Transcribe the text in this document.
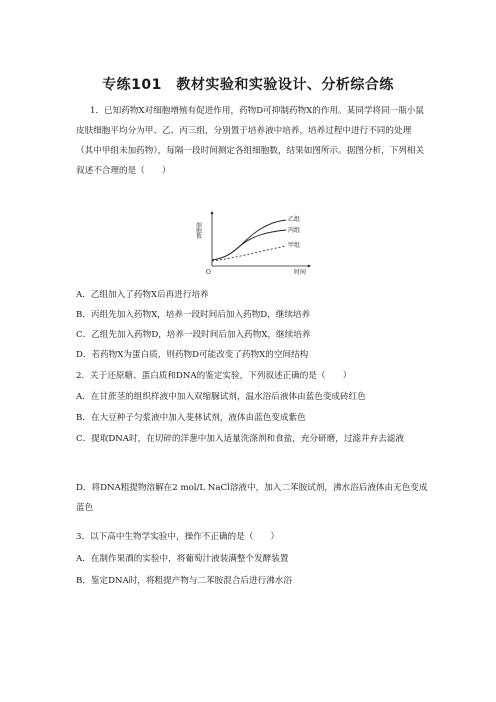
专练101　教材实验和实验设计、分析综合练
1．已知药物X对细胞增殖有促进作用，药物D可抑制药物X的作用。某同学将同一瓶小鼠皮肤细胞平均分为甲、乙、丙三组，分别置于培养液中培养，培养过程中进行不同的处理（其中甲组未加药物），每隔一段时间测定各组细胞数，结果如图所示。据图分析，下列相关叙述不合理的是（　　）
乙组
丙组
甲组
细胞数
O	时间
A．乙组加入了药物X后再进行培养
B．丙组先加入药物X，培养一段时间后加入药物D，继续培养
C．乙组先加入药物D，培养一段时间后加入药物X，继续培养
D．若药物X为蛋白质，则药物D可能改变了药物X的空间结构
2．关于还原糖、蛋白质和DNA的鉴定实验，下列叙述正确的是（　　）
A．在甘蔗茎的组织样液中加入双缩脲试剂，温水浴后液体由蓝色变成砖红色
B．在大豆种子匀浆液中加入斐林试剂，液体由蓝色变成紫色
C．提取DNA时，在切碎的洋葱中加入适量洗涤剂和食盐，充分研磨，过滤并弃去滤液
D．将DNA粗提物溶解在2 mol/L NaCl溶液中，加入二苯胺试剂，沸水浴后液体由无色变成蓝色
3．以下高中生物学实验中，操作不正确的是（　　）
A．在制作果酒的实验中，将葡萄汁液装满整个发酵装置
B．鉴定DNA时，将粗提产物与二苯胺混合后进行沸水浴
